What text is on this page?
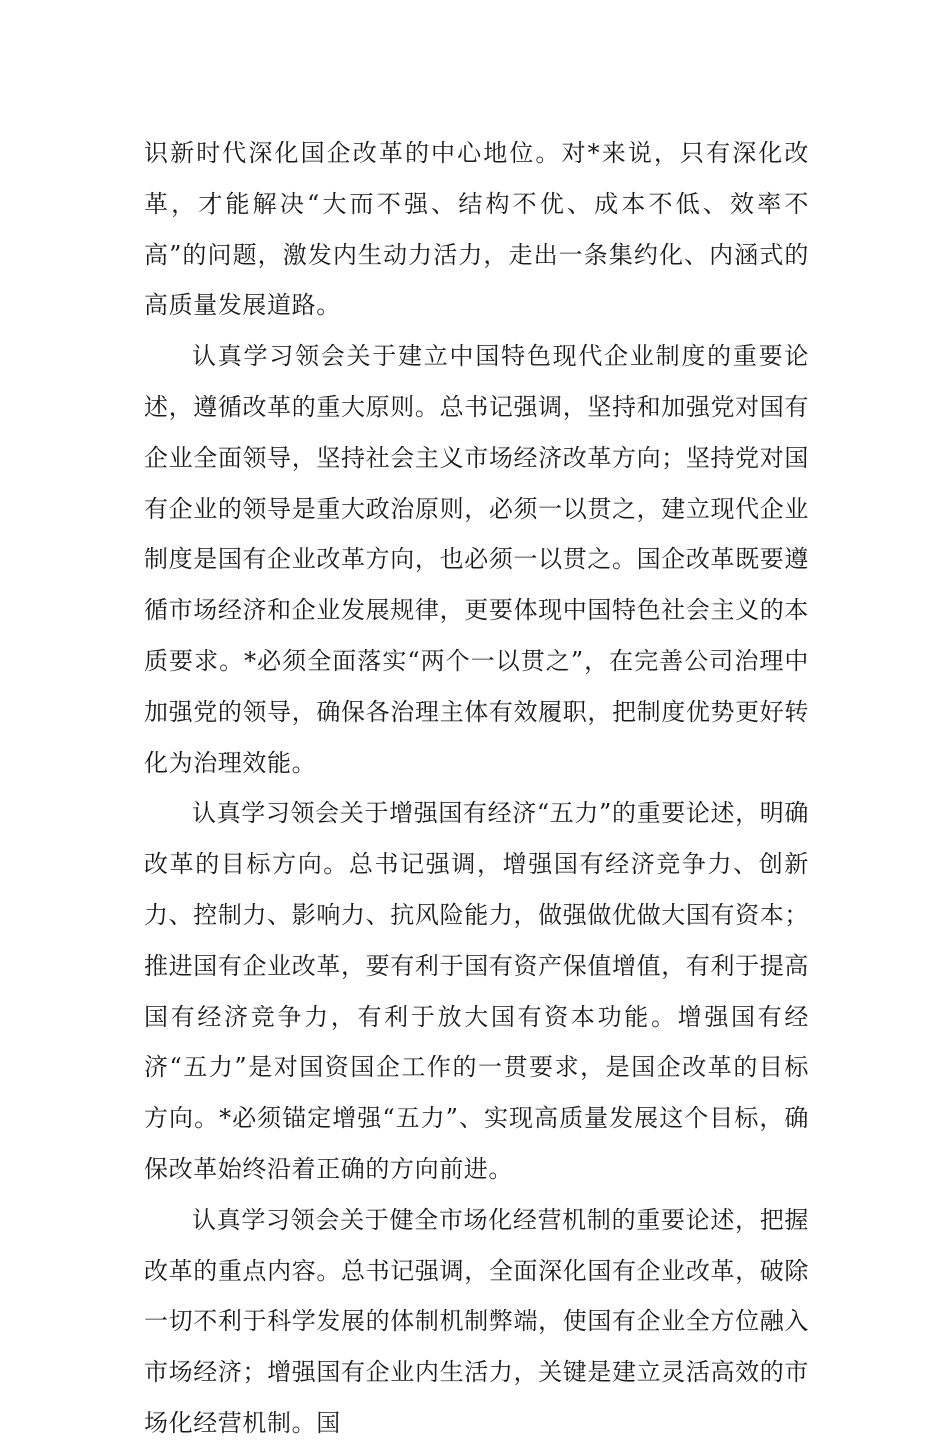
识新时代深化国企改革的中心地位。对*来说，只有深化改革，才能解决“大而不强、结构不优、成本不低、效率不高”的问题，激发内生动力活力，走出一条集约化、内涵式的高质量发展道路。

认真学习领会关于建立中国特色现代企业制度的重要论述，遵循改革的重大原则。总书记强调，坚持和加强党对国有企业全面领导，坚持社会主义市场经济改革方向；坚持党对国有企业的领导是重大政治原则，必须一以贯之，建立现代企业制度是国有企业改革方向，也必须一以贯之。国企改革既要遵循市场经济和企业发展规律，更要体现中国特色社会主义的本质要求。*必须全面落实“两个一以贯之”，在完善公司治理中加强党的领导，确保各治理主体有效履职，把制度优势更好转化为治理效能。

认真学习领会关于增强国有经济“五力”的重要论述，明确改革的目标方向。总书记强调，增强国有经济竞争力、创新力、控制力、影响力、抗风险能力，做强做优做大国有资本；推进国有企业改革，要有利于国有资产保值增值，有利于提高国有经济竞争力，有利于放大国有资本功能。增强国有经济“五力”是对国资国企工作的一贯要求，是国企改革的目标方向。*必须锚定增强“五力”、实现高质量发展这个目标，确保改革始终沿着正确的方向前进。

认真学习领会关于健全市场化经营机制的重要论述，把握改革的重点内容。总书记强调，全面深化国有企业改革，破除一切不利于科学发展的体制机制弊端，使国有企业全方位融入市场经济；增强国有企业内生活力，关键是建立灵活高效的市场化经营机制。国
